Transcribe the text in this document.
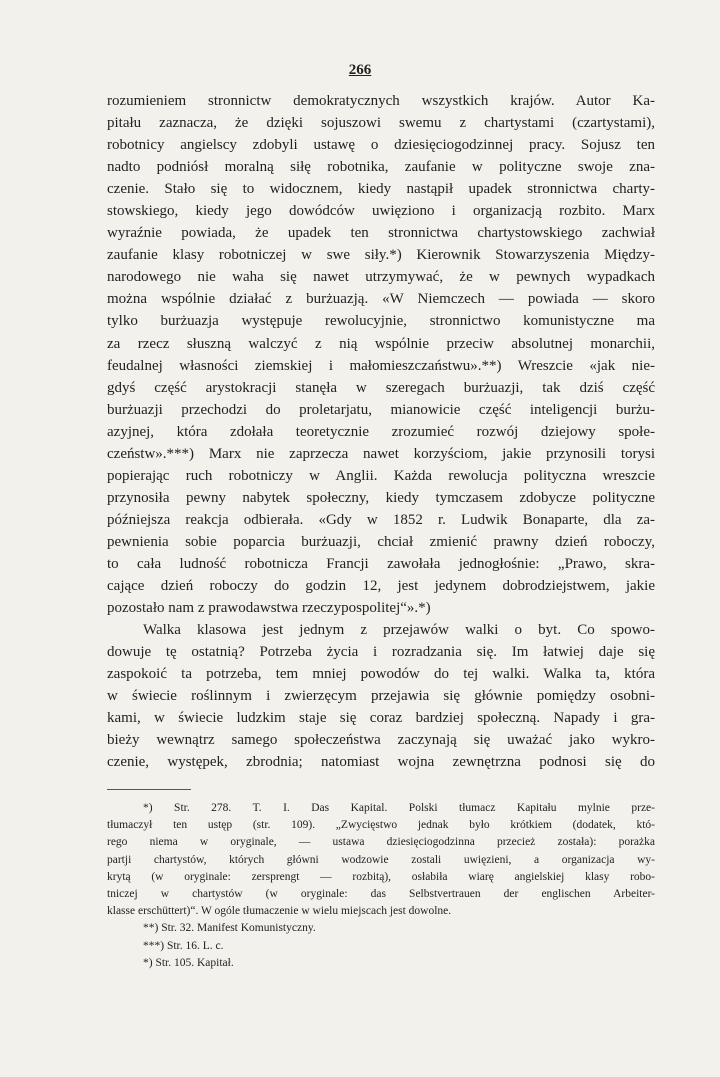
266
rozumieniem stronnictw demokratycznych wszystkich krajów. Autor Ka-
pitału zaznacza, że dzięki sojuszowi swemu z chartystami (czartystami),
robotnicy angielscy zdobyli ustawę o dziesięciogodzinnej pracy. Sojusz ten
nadto podniósł moralną siłę robotnika, zaufanie w polityczne swoje zna-
czenie. Stało się to widocznem, kiedy nastąpił upadek stronnictwa charty-
stowskiego, kiedy jego dowódców uwięziono i organizacją rozbito. Marx
wyraźnie powiada, że upadek ten stronnictwa chartystowskiego zachwiał
zaufanie klasy robotniczej w swe siły.*) Kierownik Stowarzyszenia Między-
narodowego nie waha się nawet utrzymywać, że w pewnych wypadkach
można wspólnie działać z burżuazją. «W Niemczech — powiada — skoro
tylko burżuazja występuje rewolucyjnie, stronnictwo komunistyczne ma
za rzecz słuszną walczyć z nią wspólnie przeciw absolutnej monarchii,
feudalnej własności ziemskiej i małomieszczaństwu».**) Wreszcie «jak nie-
gdyś część arystokracji stanęła w szeregach burżuazji, tak dziś część
burżuazji przechodzi do proletarjatu, mianowicie część inteligencji burżu-
azyjnej, która zdołała teoretycznie zrozumieć rozwój dziejowy społe-
czeństw».***) Marx nie zaprzecza nawet korzyściom, jakie przynosili torysi
popierając ruch robotniczy w Anglii. Każda rewolucja polityczna wreszcie
przynosiła pewny nabytek społeczny, kiedy tymczasem zdobycze polityczne
późniejsza reakcja odbierała. «Gdy w 1852 r. Ludwik Bonaparte, dla za-
pewnienia sobie poparcia burżuazji, chciał zmienić prawny dzień roboczy,
to cała ludność robotnicza Francji zawołała jednogłośnie: „Prawo, skra-
cające dzień roboczy do godzin 12, jest jedynem dobrodziejstwem, jakie
pozostało nam z prawodawstwa rzeczypospolitej“».*)
Walka klasowa jest jednym z przejawów walki o byt. Co spowo-
dowuje tę ostatnią? Potrzeba życia i rozradzania się. Im łatwiej daje się
zaspokoić ta potrzeba, tem mniej powodów do tej walki. Walka ta, która
w świecie roślinnym i zwierzęcym przejawia się głównie pomiędzy osobni-
kami, w świecie ludzkim staje się coraz bardziej społeczną. Napady i gra-
bieży wewnątrz samego społeczeństwa zaczynają się uważać jako wykro-
czenie, występek, zbrodnia; natomiast wojna zewnętrzna podnosi się do
*) Str. 278. T. I. Das Kapital. Polski tłumacz Kapitału mylnie prze-
tłumaczył ten ustęp (str. 109). „Zwycięstwo jednak było krótkiem (dodatek, któ-
rego niema w oryginale, — ustawa dziesięciogodzinna przecież została): porażka
partji chartystów, których główni wodzowie zostali uwięzieni, a organizacja wy-
krytą (w oryginale: zersprengt — rozbitą), osłabiła wiarę angielskiej klasy robo-
tniczej w chartystów (w oryginale: das Selbstvertrauen der englischen Arbeiter-
klasse erschüttert)“. W ogóle tłumaczenie w wielu miejscach jest dowolne.
**) Str. 32. Manifest Komunistyczny.
***) Str. 16. L. c.
*) Str. 105. Kapitał.
